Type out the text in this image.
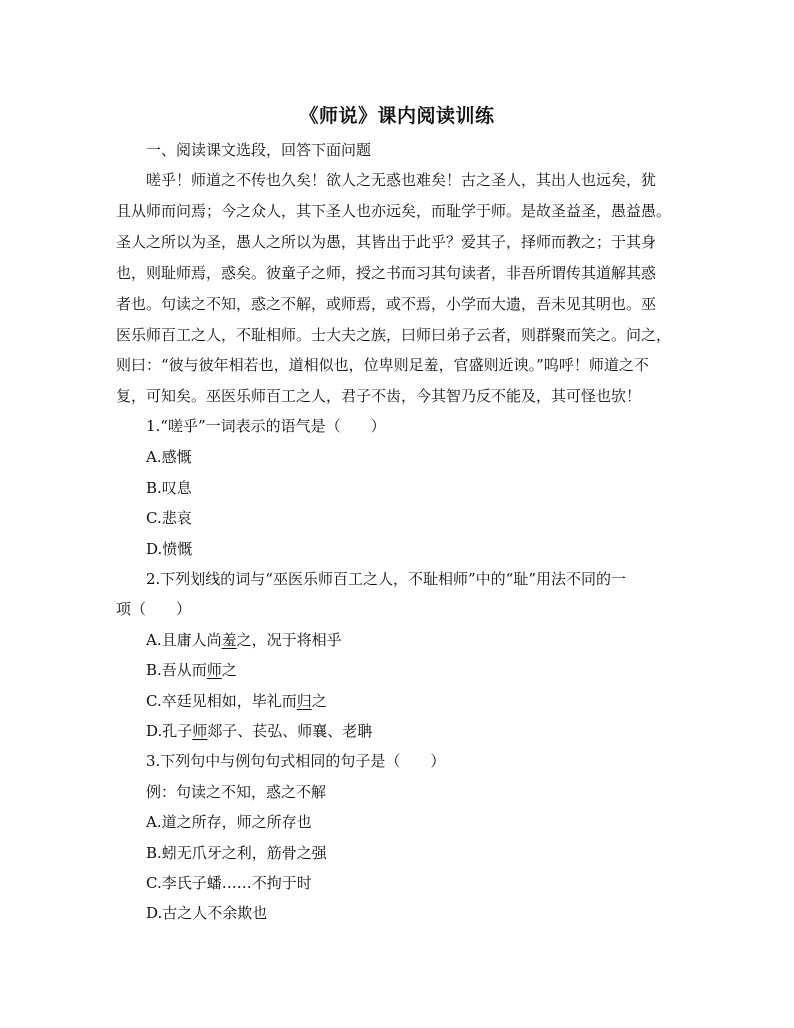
《师说》课内阅读训练
一、阅读课文选段，回答下面问题
嗟乎！师道之不传也久矣！欲人之无惑也难矣！古之圣人，其出人也远矣，犹
且从师而问焉；今之众人，其下圣人也亦远矣，而耻学于师。是故圣益圣，愚益愚。
圣人之所以为圣，愚人之所以为愚，其皆出于此乎？爱其子，择师而教之；于其身
也，则耻师焉，惑矣。彼童子之师，授之书而习其句读者，非吾所谓传其道解其惑
者也。句读之不知，惑之不解，或师焉，或不焉，小学而大遗，吾未见其明也。巫
医乐师百工之人，不耻相师。士大夫之族，曰师曰弟子云者，则群聚而笑之。问之，
则曰：“彼与彼年相若也，道相似也，位卑则足羞，官盛则近谀。”呜呼！师道之不
复，可知矣。巫医乐师百工之人，君子不齿，今其智乃反不能及，其可怪也欤！
1.“嗟乎”一词表示的语气是（　　）
A.感慨
B.叹息
C.悲哀
D.愤慨
2.下列划线的词与“巫医乐师百工之人，不耻相师”中的“耻”用法不同的一
项（　　）
A.且庸人尚羞之，况于将相乎
B.吾从而师之
C.卒廷见相如，毕礼而归之
D.孔子师郯子、苌弘、师襄、老聃
3.下列句中与例句句式相同的句子是（　　）
例：句读之不知，惑之不解
A.道之所存，师之所存也
B.蚓无爪牙之利，筋骨之强
C.李氏子蟠……不拘于时
D.古之人不余欺也
